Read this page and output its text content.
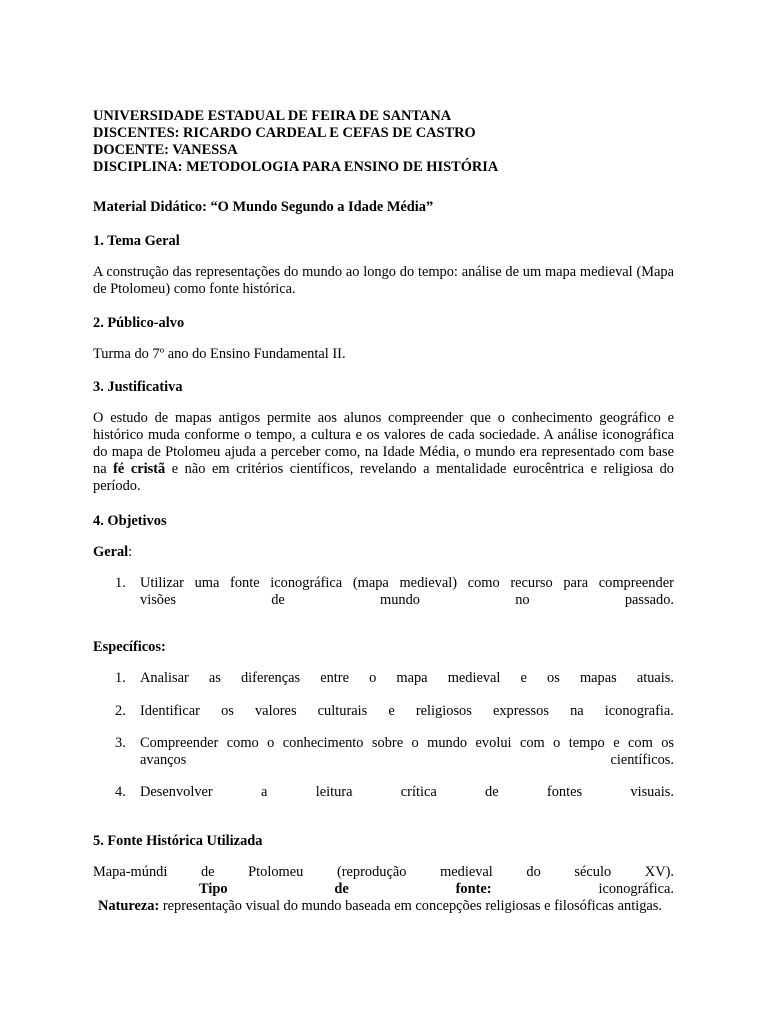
UNIVERSIDADE ESTADUAL DE FEIRA DE SANTANA
DISCENTES: RICARDO CARDEAL E CEFAS DE CASTRO
DOCENTE: VANESSA
DISCIPLINA: METODOLOGIA PARA ENSINO DE HISTÓRIA
Material Didático: “O Mundo Segundo a Idade Média”
1. Tema Geral
A construção das representações do mundo ao longo do tempo: análise de um mapa medieval (Mapa de Ptolomeu) como fonte histórica.
2. Público-alvo
Turma do 7º ano do Ensino Fundamental II.
3. Justificativa
O estudo de mapas antigos permite aos alunos compreender que o conhecimento geográfico e histórico muda conforme o tempo, a cultura e os valores de cada sociedade. A análise iconográfica do mapa de Ptolomeu ajuda a perceber como, na Idade Média, o mundo era representado com base na fé cristã e não em critérios científicos, revelando a mentalidade eurocêntrica e religiosa do período.
4. Objetivos
Geral:
1. Utilizar uma fonte iconográfica (mapa medieval) como recurso para compreender
visões	de	mundo	no	passado.
Específicos:
1. Analisar as diferenças entre o mapa medieval e os mapas atuais.
2. Identificar os valores culturais e religiosos expressos na iconografia.
3. Compreender como o conhecimento sobre o mundo evolui com o tempo e com os
avanços	científicos.
4. Desenvolver	a	leitura	crítica	de	fontes	visuais.
5. Fonte Histórica Utilizada
Mapa-múndi de Ptolomeu (reprodução medieval do século XV).
Tipo	de	fonte:	iconográfica.
Natureza: representação visual do mundo baseada em concepções religiosas e filosóficas antigas.
